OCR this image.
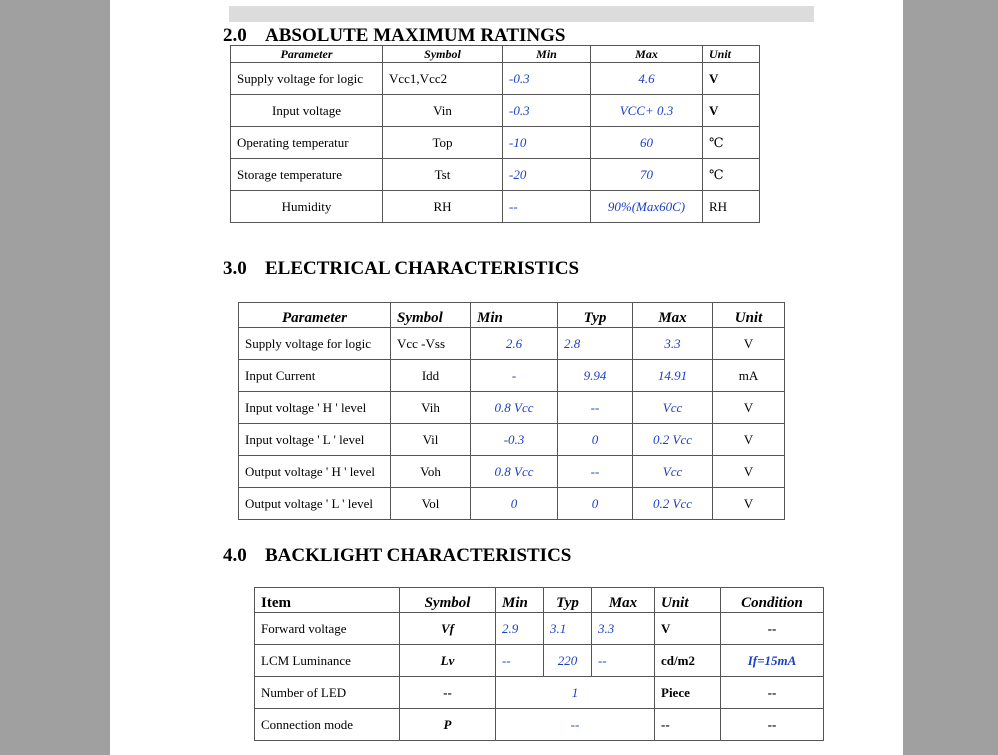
2.0 ABSOLUTE MAXIMUM RATINGS
Parameter	Symbol	Min	Max	Unit
Supply voltage for logic	Vcc1,Vcc2	-0.3	4.6	V
Input voltage	Vin	-0.3	VCC+ 0.3	V
Operating temperatur	Top	-10	60	℃
Storage temperature	Tst	-20	70	℃
Humidity	RH	--	90%(Max60C)	RH
3.0 ELECTRICAL CHARACTERISTICS
Parameter	Symbol	Min	Typ	Max	Unit
Supply voltage for logic	Vcc -Vss	2.6	2.8	3.3	V
Input Current	Idd	-	9.94	14.91	mA
Input voltage ' H ' level	Vih	0.8 Vcc	--	Vcc	V
Input voltage ' L ' level	Vil	-0.3	0	0.2 Vcc	V
Output voltage ' H ' level	Voh	0.8 Vcc	--	Vcc	V
Output voltage ' L ' level	Vol	0	0	0.2 Vcc	V
4.0 BACKLIGHT CHARACTERISTICS
Item	Symbol	Min	Typ	Max	Unit	Condition
Forward voltage	Vf	2.9	3.1	3.3	V	--
LCM Luminance	Lv	--	220	--	cd/m2	If=15mA
Number of LED	--	1			Piece	--
Connection mode	P	--			--	--
